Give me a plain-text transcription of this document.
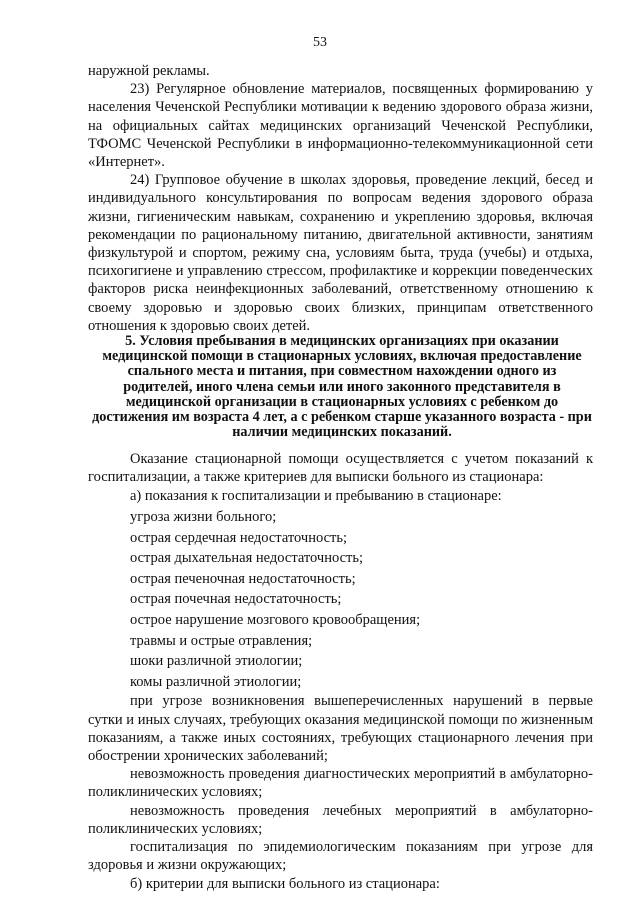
53

наружной рекламы.

23) Регулярное обновление материалов, посвященных формированию у населения Чеченской Республики мотивации к ведению здорового образа жизни, на официальных сайтах медицинских организаций Чеченской Республики, ТФОМС Чеченской Республики в информационно-телекоммуникационной сети «Интернет».

24) Групповое обучение в школах здоровья, проведение лекций, бесед и индивидуального консультирования по вопросам ведения здорового образа жизни, гигиеническим навыкам, сохранению и укреплению здоровья, включая рекомендации по рациональному питанию, двигательной активности, занятиям физкультурой и спортом, режиму сна, условиям быта, труда (учебы) и отдыха, психогигиене и управлению стрессом, профилактике и коррекции поведенческих факторов риска неинфекционных заболеваний, ответственному отношению к своему здоровью и здоровью своих близких, принципам ответственного отношения к здоровью своих детей.

5. Условия пребывания в медицинских организациях при оказании медицинской помощи в стационарных условиях, включая предоставление спального места и питания, при совместном нахождении одного из родителей, иного члена семьи или иного законного представителя в медицинской организации в стационарных условиях с ребенком до достижения им возраста 4 лет, а с ребенком старше указанного возраста - при наличии медицинских показаний.

Оказание стационарной помощи осуществляется с учетом показаний к госпитализации, а также критериев для выписки больного из стационара:

а) показания к госпитализации и пребыванию в стационаре:

угроза жизни больного;

острая сердечная недостаточность;

острая дыхательная недостаточность;

острая печеночная недостаточность;

острая почечная недостаточность;

острое нарушение мозгового кровообращения;

травмы и острые отравления;

шоки различной этиологии;

комы различной этиологии;

при угрозе возникновения вышеперечисленных нарушений в первые сутки и иных случаях, требующих оказания медицинской помощи по жизненным показаниям, а также иных состояниях, требующих стационарного лечения при обострении хронических заболеваний;

невозможность проведения диагностических мероприятий в амбулаторно-поликлинических условиях;

невозможность проведения лечебных мероприятий в амбулаторно-поликлинических условиях;

госпитализация по эпидемиологическим показаниям при угрозе для здоровья и жизни окружающих;

б) критерии для выписки больного из стационара:
